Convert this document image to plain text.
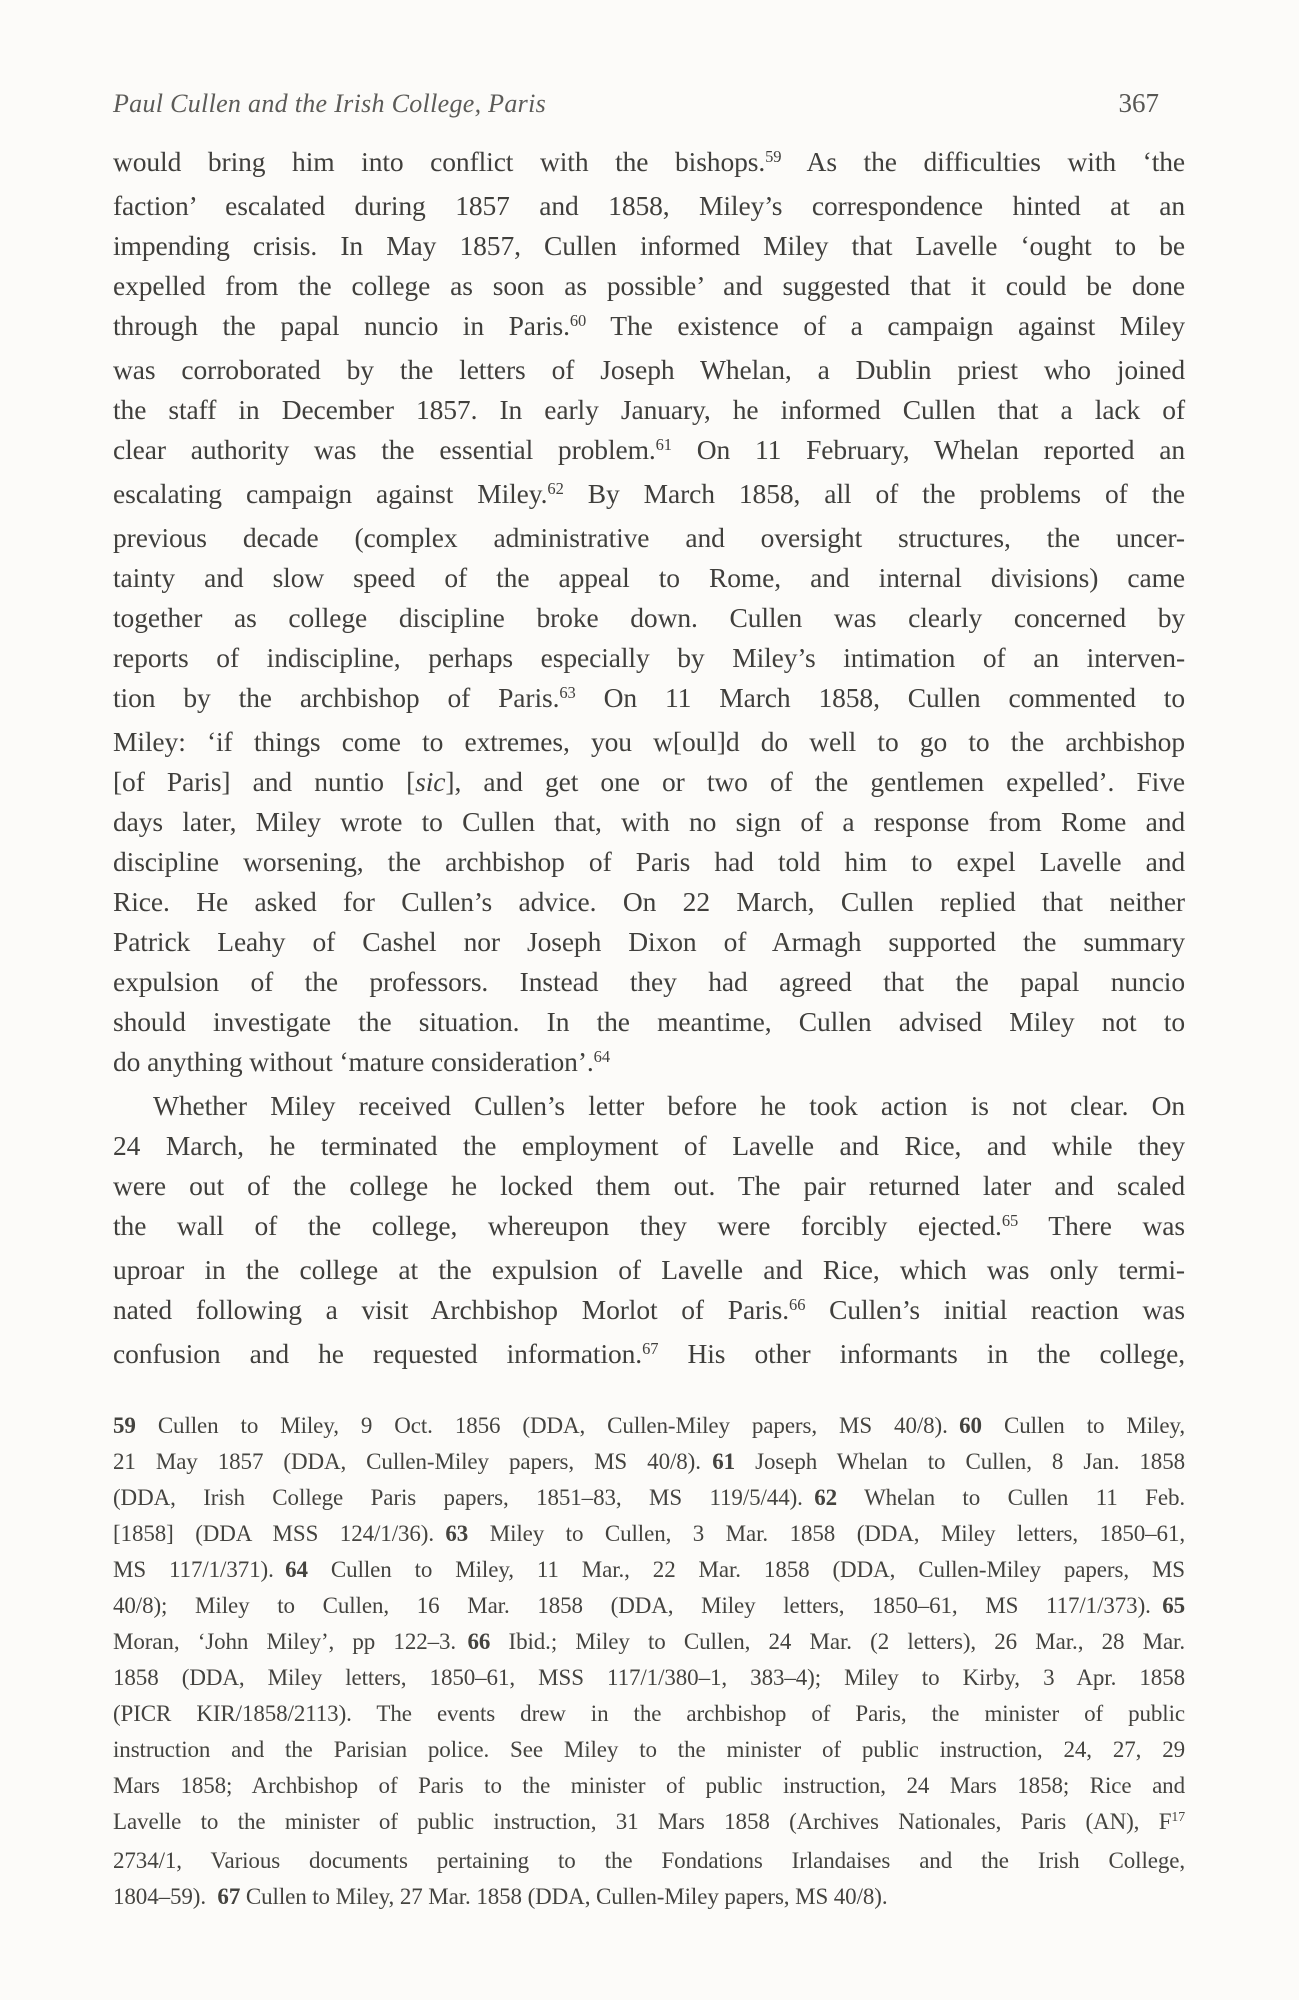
Paul Cullen and the Irish College, Paris	367
would bring him into conflict with the bishops.$^{59}$ As the difficulties with ‘the
faction’ escalated during 1857 and 1858, Miley’s correspondence hinted at an
impending crisis. In May 1857, Cullen informed Miley that Lavelle ‘ought to be
expelled from the college as soon as possible’ and suggested that it could be done
through the papal nuncio in Paris.$^{60}$ The existence of a campaign against Miley
was corroborated by the letters of Joseph Whelan, a Dublin priest who joined
the staff in December 1857. In early January, he informed Cullen that a lack of
clear authority was the essential problem.$^{61}$ On 11 February, Whelan reported an
escalating campaign against Miley.$^{62}$ By March 1858, all of the problems of the
previous decade (complex administrative and oversight structures, the uncer-
tainty and slow speed of the appeal to Rome, and internal divisions) came
together as college discipline broke down. Cullen was clearly concerned by
reports of indiscipline, perhaps especially by Miley’s intimation of an interven-
tion by the archbishop of Paris.$^{63}$ On 11 March 1858, Cullen commented to
Miley: ‘if things come to extremes, you w[oul]d do well to go to the archbishop
[of Paris] and nuntio [sic], and get one or two of the gentlemen expelled’. Five
days later, Miley wrote to Cullen that, with no sign of a response from Rome and
discipline worsening, the archbishop of Paris had told him to expel Lavelle and
Rice. He asked for Cullen’s advice. On 22 March, Cullen replied that neither
Patrick Leahy of Cashel nor Joseph Dixon of Armagh supported the summary
expulsion of the professors. Instead they had agreed that the papal nuncio
should investigate the situation. In the meantime, Cullen advised Miley not to
do anything without ‘mature consideration’.$^{64}$
Whether Miley received Cullen’s letter before he took action is not clear. On
24 March, he terminated the employment of Lavelle and Rice, and while they
were out of the college he locked them out. The pair returned later and scaled
the wall of the college, whereupon they were forcibly ejected.$^{65}$ There was
uproar in the college at the expulsion of Lavelle and Rice, which was only termi-
nated following a visit Archbishop Morlot of Paris.$^{66}$ Cullen’s initial reaction was
confusion and he requested information.$^{67}$ His other informants in the college,
59 Cullen to Miley, 9 Oct. 1856 (DDA, Cullen-Miley papers, MS 40/8). 60 Cullen to Miley,
21 May 1857 (DDA, Cullen-Miley papers, MS 40/8). 61 Joseph Whelan to Cullen, 8 Jan. 1858
(DDA, Irish College Paris papers, 1851–83, MS 119/5/44). 62 Whelan to Cullen 11 Feb.
[1858] (DDA MSS 124/1/36). 63 Miley to Cullen, 3 Mar. 1858 (DDA, Miley letters, 1850–61,
MS 117/1/371). 64 Cullen to Miley, 11 Mar., 22 Mar. 1858 (DDA, Cullen-Miley papers, MS
40/8); Miley to Cullen, 16 Mar. 1858 (DDA, Miley letters, 1850–61, MS 117/1/373). 65
Moran, ‘John Miley’, pp 122–3. 66 Ibid.; Miley to Cullen, 24 Mar. (2 letters), 26 Mar., 28 Mar.
1858 (DDA, Miley letters, 1850–61, MSS 117/1/380–1, 383–4); Miley to Kirby, 3 Apr. 1858
(PICR KIR/1858/2113). The events drew in the archbishop of Paris, the minister of public
instruction and the Parisian police. See Miley to the minister of public instruction, 24, 27, 29
Mars 1858; Archbishop of Paris to the minister of public instruction, 24 Mars 1858; Rice and
Lavelle to the minister of public instruction, 31 Mars 1858 (Archives Nationales, Paris (AN), $F^{17}$
2734/1, Various documents pertaining to the Fondations Irlandaises and the Irish College,
1804–59). 67 Cullen to Miley, 27 Mar. 1858 (DDA, Cullen-Miley papers, MS 40/8).
